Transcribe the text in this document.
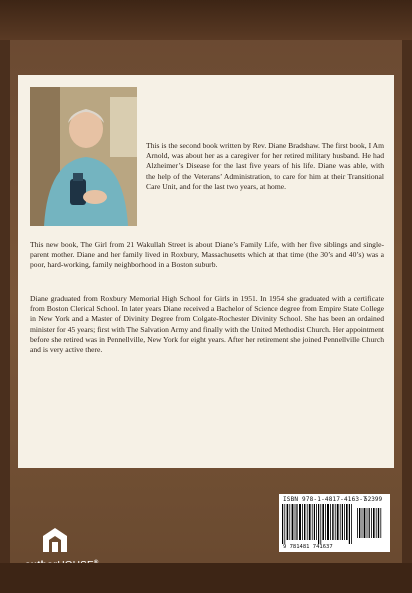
This is the second book written by Rev. Diane Bradshaw. The first book, I Am Arnold, was about her as a caregiver for her retired military husband. He had Alzheimer’s Disease for the last five years of his life. Diane was able, with the help of the Veterans’ Administration, to care for him at their Transitional Care Unit, and for the last two years, at home.

This new book, The Girl from 21 Wakullah Street is about Diane’s Family Life, with her five siblings and single-parent mother. Diane and her family lived in Roxbury, Massachusetts which at that time (the 30’s and 40’s) was a poor, hard-working, family neighborhood in a Boston suburb.

Diane graduated from Roxbury Memorial High School for Girls in 1951. In 1954 she graduated with a certificate from Boston Clerical School. In later years Diane received a Bachelor of Science degree from Empire State College in New York and a Master of Divinity Degree from Colgate-Rochester Divinity School. She has been an ordained minister for 45 years; first with The Salvation Army and finally with the United Methodist Church. Her appointment before she retired was in Pennellville, New York for eight years. After her retirement she joined Pennellville Church and is very active there.

ISBN 978-1-4817-4163-7
9 781481 741637
52399
